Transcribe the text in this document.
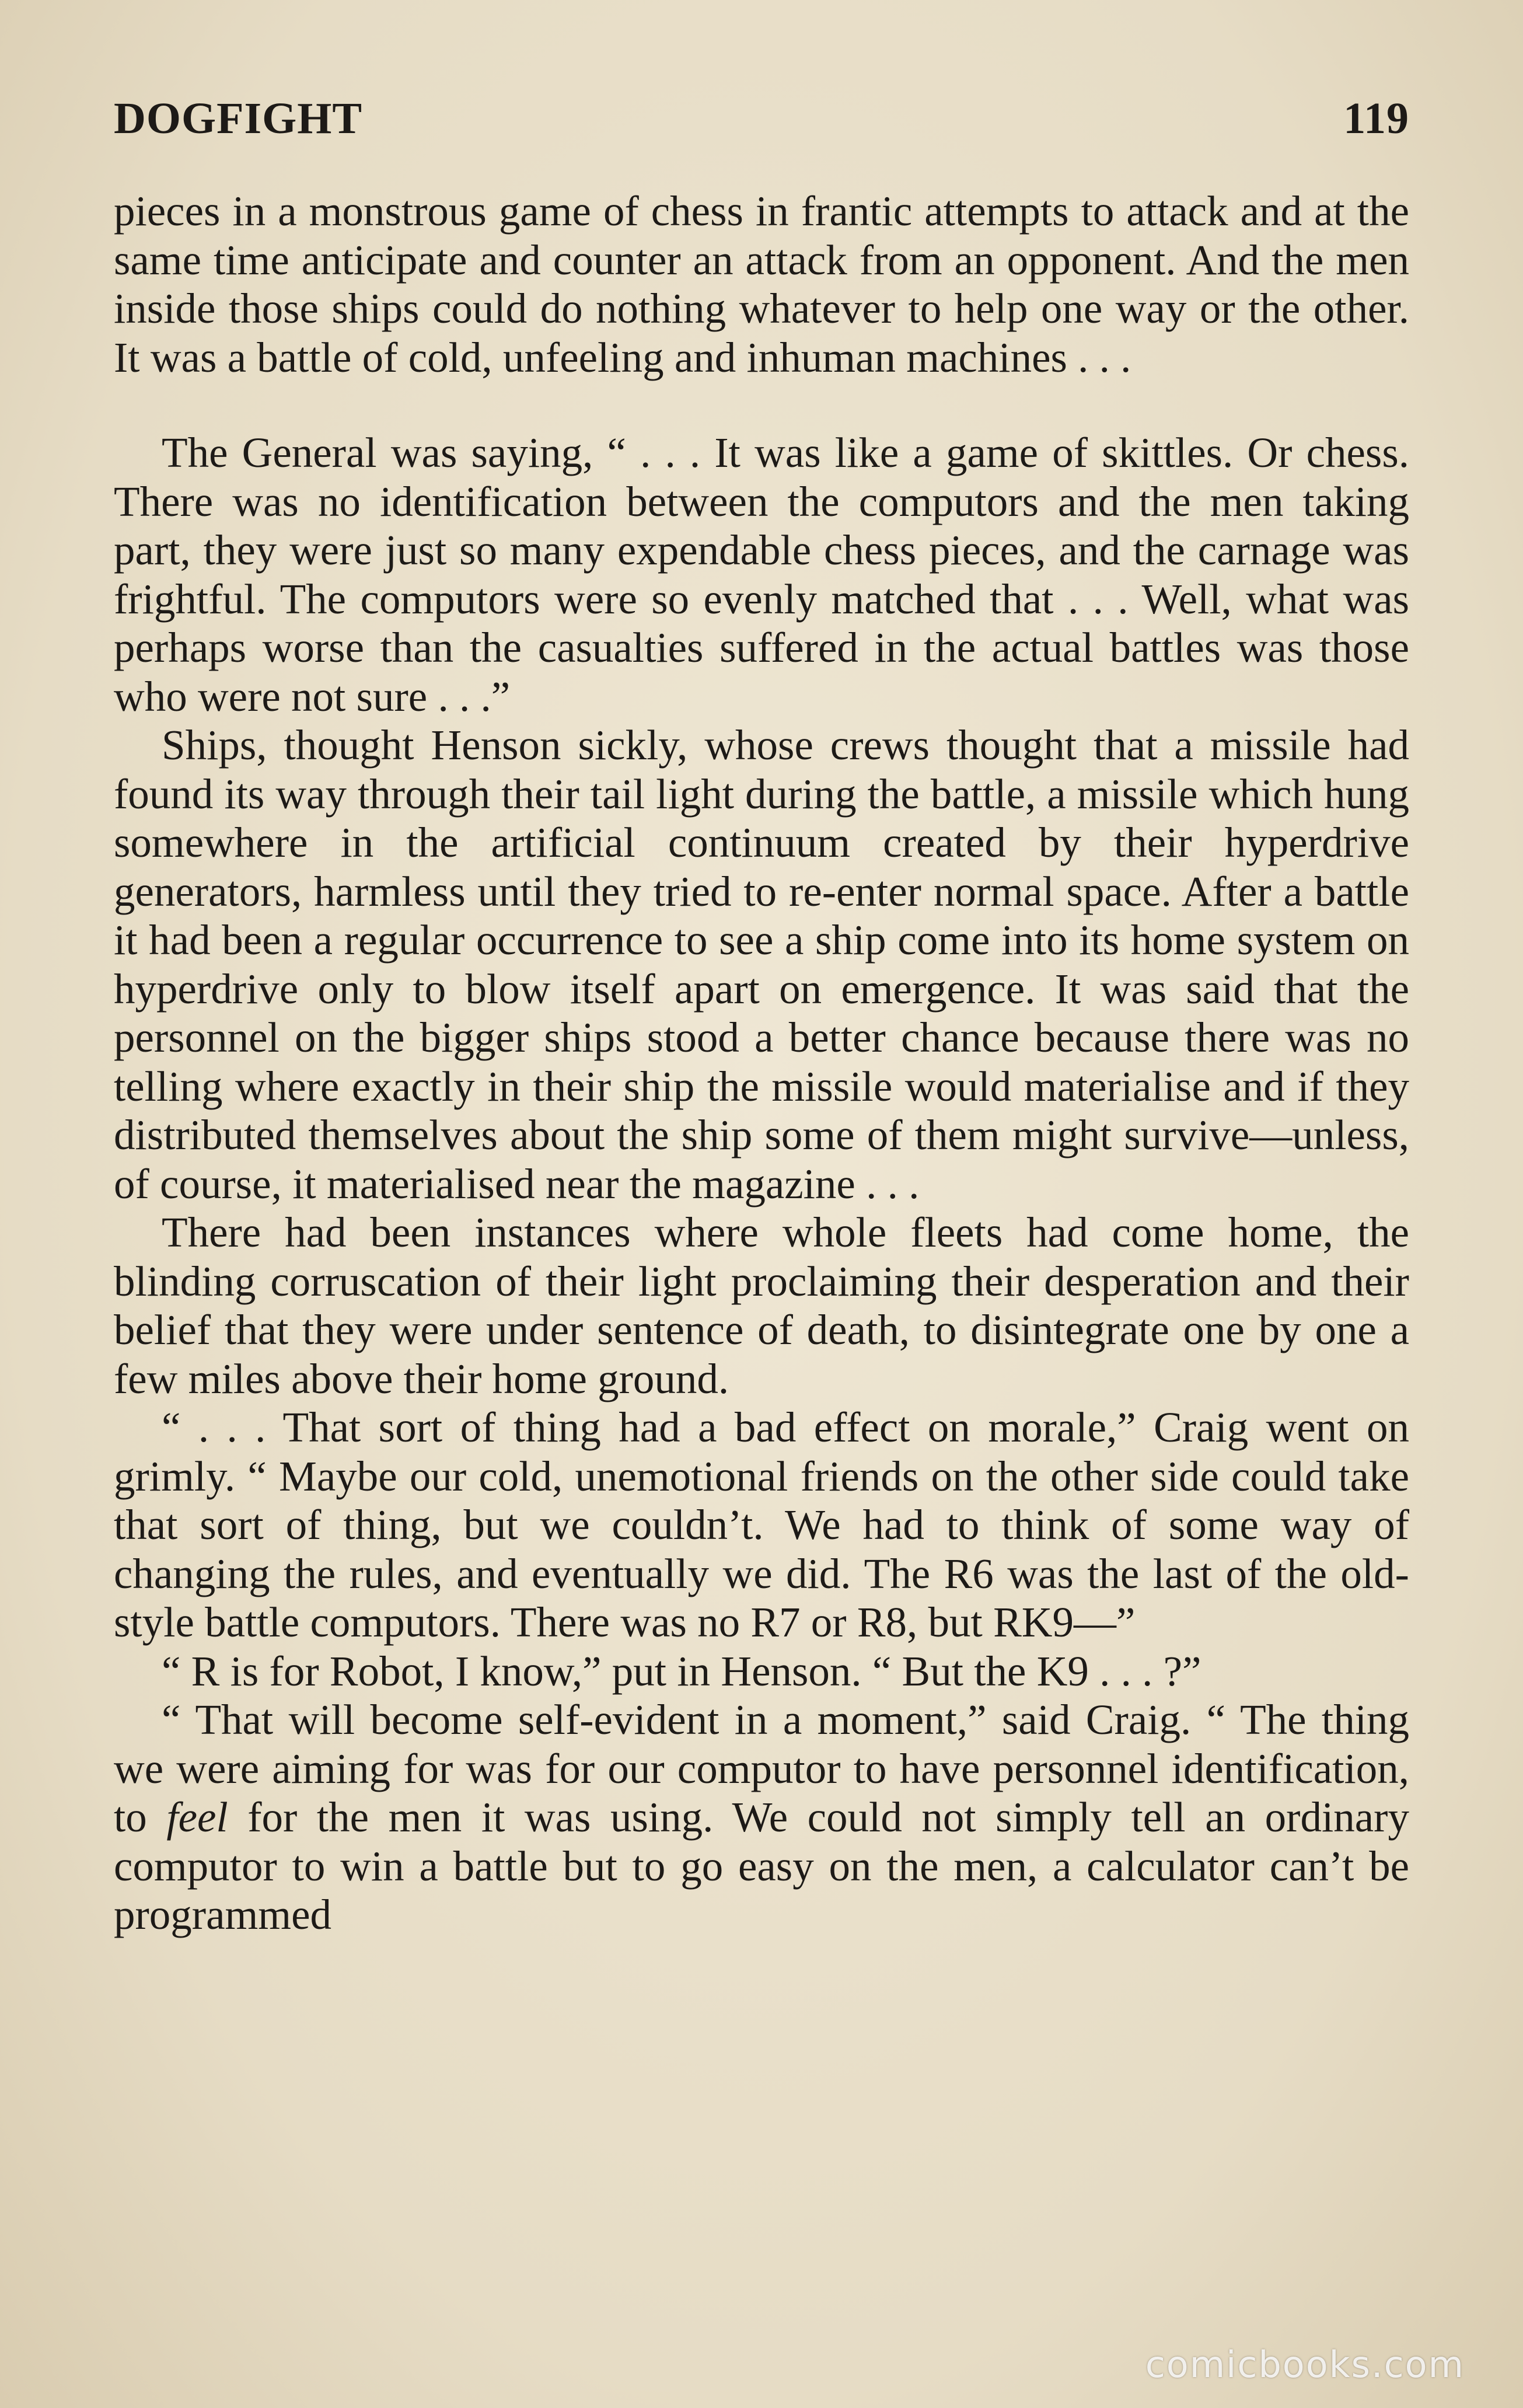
DOGFIGHT	119

pieces in a monstrous game of chess in frantic attempts to attack and at the same time anticipate and counter an attack from an opponent. And the men inside those ships could do nothing whatever to help one way or the other. It was a battle of cold, unfeeling and inhuman machines . . .

The General was saying, “ . . . It was like a game of skittles. Or chess. There was no identification between the computors and the men taking part, they were just so many expendable chess pieces, and the carnage was frightful. The computors were so evenly matched that . . . Well, what was perhaps worse than the casualties suffered in the actual battles was those who were not sure . . .”

Ships, thought Henson sickly, whose crews thought that a missile had found its way through their tail light during the battle, a missile which hung somewhere in the artificial continuum created by their hyperdrive generators, harmless until they tried to re-enter normal space. After a battle it had been a regular occurrence to see a ship come into its home system on hyperdrive only to blow itself apart on emergence. It was said that the personnel on the bigger ships stood a better chance because there was no telling where exactly in their ship the missile would materialise and if they distributed themselves about the ship some of them might survive—unless, of course, it materialised near the magazine . . .

There had been instances where whole fleets had come home, the blinding corruscation of their light proclaiming their desperation and their belief that they were under sentence of death, to disintegrate one by one a few miles above their home ground.

“ . . . That sort of thing had a bad effect on morale,” Craig went on grimly. “ Maybe our cold, unemotional friends on the other side could take that sort of thing, but we couldn’t. We had to think of some way of changing the rules, and eventually we did. The R6 was the last of the old-style battle computors. There was no R7 or R8, but RK9—”

“ R is for Robot, I know,” put in Henson. “ But the K9 . . . ?”

“ That will become self-evident in a moment,” said Craig. “ The thing we were aiming for was for our computor to have personnel identification, to feel for the men it was using. We could not simply tell an ordinary computor to win a battle but to go easy on the men, a calculator can’t be programmed

comicbooks.com
